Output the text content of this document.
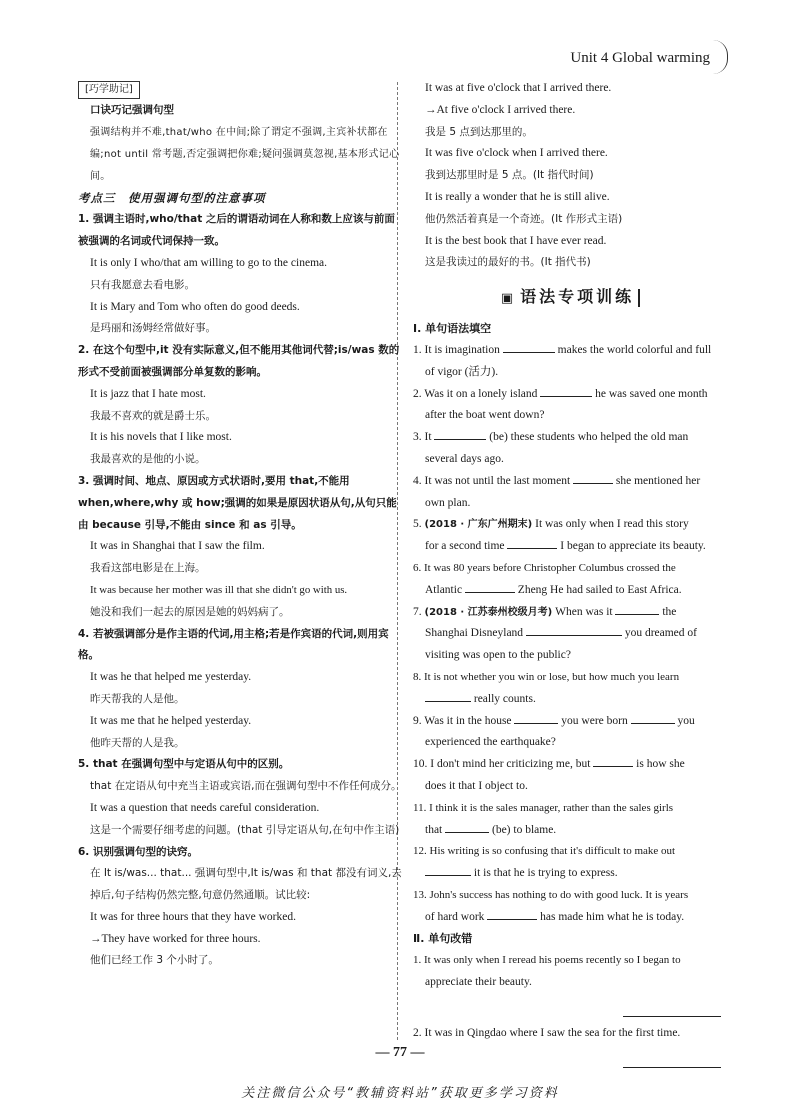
Unit 4 Global warming
[巧学助记]

口诀巧记强调句型

强调结构并不难,that/who 在中间;除了谓定不强调,主宾补状都在编;not until 常考题,否定强调把你难;疑问强调莫忽视,基本形式记心间。

考点三　使用强调句型的注意事项

1. 强调主语时,who/that 之后的谓语动词在人称和数上应该与前面被强调的名词或代词保持一致。

It is only I who/that am willing to go to the cinema.

只有我愿意去看电影。

It is Mary and Tom who often do good deeds.

是玛丽和汤姆经常做好事。

2. 在这个句型中,it 没有实际意义,但不能用其他词代替;is/was 数的形式不受前面被强调部分单复数的影响。

It is jazz that I hate most.

我最不喜欢的就是爵士乐。

It is his novels that I like most.

我最喜欢的是他的小说。

3. 强调时间、地点、原因或方式状语时,要用 that,不能用 when,where,why 或 how;强调的如果是原因状语从句,从句只能由 because 引导,不能由 since 和 as 引导。

It was in Shanghai that I saw the film.

我看这部电影是在上海。

It was because her mother was ill that she didn't go with us.

她没和我们一起去的原因是她的妈妈病了。

4. 若被强调部分是作主语的代词,用主格;若是作宾语的代词,则用宾格。

It was he that helped me yesterday.

昨天帮我的人是他。

It was me that he helped yesterday.

他昨天帮的人是我。

5. that 在强调句型中与定语从句中的区别。

that 在定语从句中充当主语或宾语,而在强调句型中不作任何成分。

It was a question that needs careful consideration.

这是一个需要仔细考虑的问题。(that 引导定语从句,在句中作主语)

6. 识别强调句型的诀窍。

在 It is/was... that... 强调句型中,It is/was 和 that 都没有词义,去掉后,句子结构仍然完整,句意仍然通顺。试比较:

It was for three hours that they have worked.

→They have worked for three hours.

他们已经工作 3 个小时了。

It was at five o'clock that I arrived there.

→At five o'clock I arrived there.

我是 5 点到达那里的。

It was five o'clock when I arrived there.

我到达那里时是 5 点。(It 指代时间)

It is really a wonder that he is still alive.

他仍然活着真是一个奇迹。(It 作形式主语)

It is the best book that I have ever read.

这是我读过的最好的书。(It 指代书)

▣ 语法专项训练

Ⅰ. 单句语法填空

1. It is imagination	makes the world colorful and full
of vigor (活力).
2. Was it on a lonely island	he was saved one month
after the boat went down?
3. It	(be) these students who helped the old man
several days ago.
4. It was not until the last moment	she mentioned her
own plan.
5. (2018 · 广东广州期末) It was only when I read this story
for a second time	I began to appreciate its beauty.
6. It was 80 years before Christopher Columbus crossed the
Atlantic	Zheng He had sailed to East Africa.
7. (2018 · 江苏泰州校级月考) When was it	the
Shanghai Disneyland	you dreamed of
visiting was open to the public?
8. It is not whether you win or lose, but how much you learn
really counts.
9. Was it in the house	you were born	you
experienced the earthquake?
10. I don't mind her criticizing me, but	is how she
does it that I object to.
11. I think it is the sales manager, rather than the sales girls
that	(be) to blame.
12. His writing is so confusing that it's difficult to make out
it is that he is trying to express.
13. John's success has nothing to do with good luck. It is years
of hard work	has made him what he is today.

Ⅱ. 单句改错

1. It was only when I reread his poems recently so I began to
appreciate their beauty.
2. It was in Qingdao where I saw the sea for the first time.
— 77 —
关注微信公众号“教辅资料站”获取更多学习资料
